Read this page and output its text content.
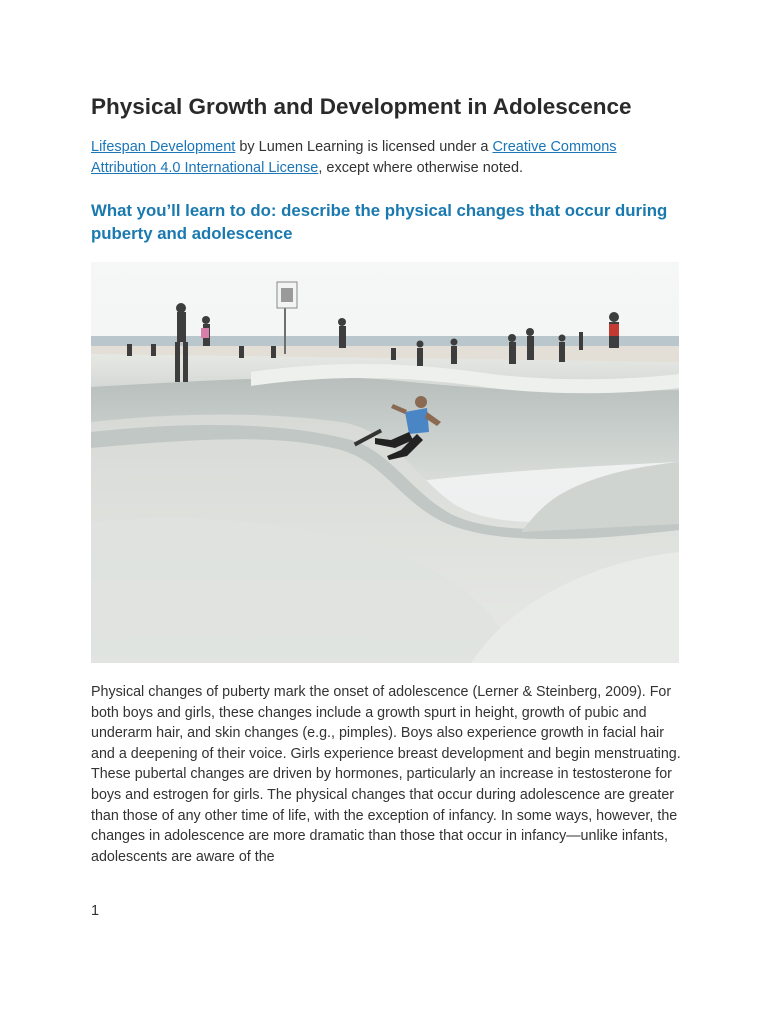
Physical Growth and Development in Adolescence

Lifespan Development by Lumen Learning is licensed under a Creative Commons Attribution 4.0 International License, except where otherwise noted.

What you’ll learn to do: describe the physical changes that occur during puberty and adolescence

Physical changes of puberty mark the onset of adolescence (Lerner & Steinberg, 2009). For both boys and girls, these changes include a growth spurt in height, growth of pubic and underarm hair, and skin changes (e.g., pimples). Boys also experience growth in facial hair and a deepening of their voice. Girls experience breast development and begin menstruating. These pubertal changes are driven by hormones, particularly an increase in testosterone for boys and estrogen for girls. The physical changes that occur during adolescence are greater than those of any other time of life, with the exception of infancy. In some ways, however, the changes in adolescence are more dramatic than those that occur in infancy—unlike infants, adolescents are aware of the

1
